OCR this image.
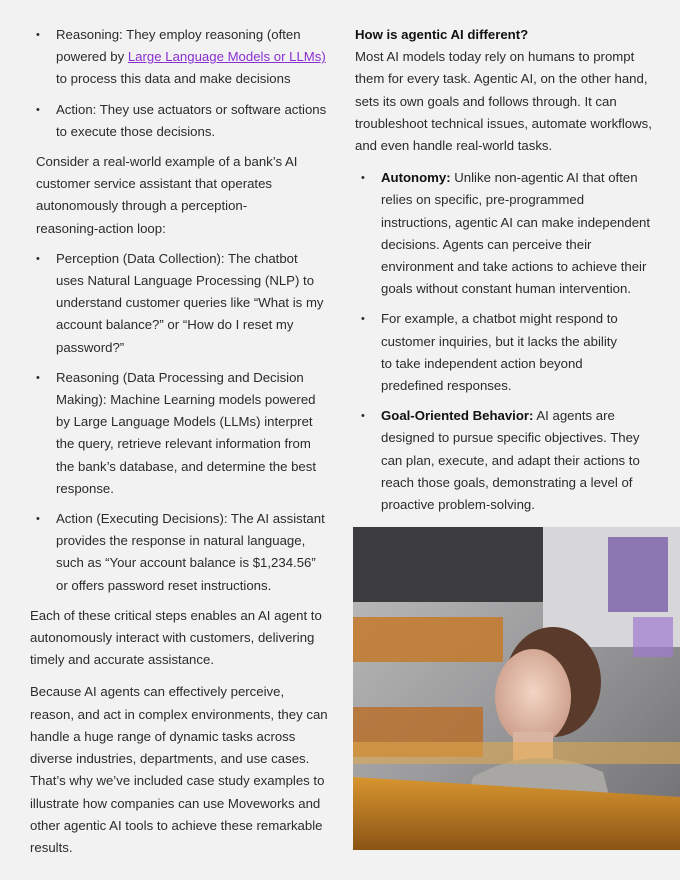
• Reasoning: They employ reasoning (often powered by Large Language Models or LLMs) to process this data and make decisions
• Action: They use actuators or software actions to execute those decisions.

Consider a real-world example of a bank’s AI customer service assistant that operates autonomously through a perception-reasoning-action loop:

• Perception (Data Collection): The chatbot uses Natural Language Processing (NLP) to understand customer queries like “What is my account balance?” or “How do I reset my password?”
• Reasoning (Data Processing and Decision Making): Machine Learning models powered by Large Language Models (LLMs) interpret the query, retrieve relevant information from the bank’s database, and determine the best response.
• Action (Executing Decisions): The AI assistant provides the response in natural language, such as “Your account balance is $1,234.56” or offers password reset instructions.

Each of these critical steps enables an AI agent to autonomously interact with customers, delivering timely and accurate assistance.

Because AI agents can effectively perceive, reason, and act in complex environments, they can handle a huge range of dynamic tasks across diverse industries, departments, and use cases. That’s why we’ve included case study examples to illustrate how companies can use Moveworks and other agentic AI tools to achieve these remarkable results.

How is agentic AI different?

Most AI models today rely on humans to prompt them for every task. Agentic AI, on the other hand, sets its own goals and follows through. It can troubleshoot technical issues, automate workflows, and even handle real-world tasks.

• Autonomy: Unlike non-agentic AI that often relies on specific, pre-programmed instructions, agentic AI can make independent decisions. Agents can perceive their environment and take actions to achieve their goals without constant human intervention.
• For example, a chatbot might respond to customer inquiries, but it lacks the ability to take independent action beyond predefined responses.
• Goal-Oriented Behavior: AI agents are designed to pursue specific objectives. They can plan, execute, and adapt their actions to reach those goals, demonstrating a level of proactive problem-solving.
